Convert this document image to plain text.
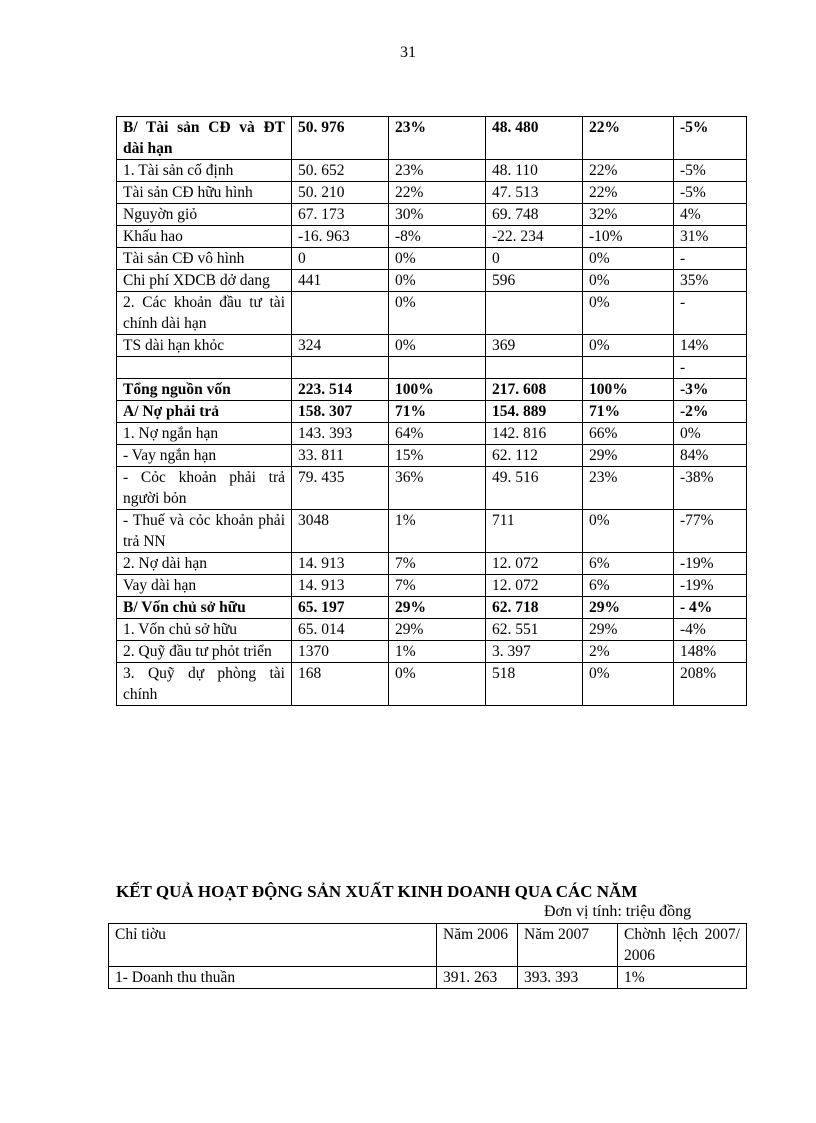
31
B/ Tài sản CĐ và ĐT dài hạn	50. 976	23%	48. 480	22%	-5%
1. Tài sản cố định	50. 652	23%	48. 110	22%	-5%
Tài sản CĐ hữu hình	50. 210	22%	47. 513	22%	-5%
Nguyờn giỏ	67. 173	30%	69. 748	32%	4%
Khấu hao	-16. 963	-8%	-22. 234	-10%	31%
Tài sản CĐ vô hình	0	0%	0	0%	-
Chi phí XDCB dở dang	441	0%	596	0%	35%
2. Các khoản đầu tư tài chính dài hạn		0%		0%	-
TS dài hạn khỏc	324	0%	369	0%	14%
					-
Tổng nguồn vốn	223. 514	100%	217. 608	100%	-3%
A/ Nợ phải trả	158. 307	71%	154. 889	71%	-2%
1. Nợ ngắn hạn	143. 393	64%	142. 816	66%	0%
- Vay ngắn hạn	33. 811	15%	62. 112	29%	84%
- Cỏc khoản phải trả người bỏn	79. 435	36%	49. 516	23%	-38%
- Thuế và cỏc khoản phải trả NN	3048	1%	711	0%	-77%
2. Nợ dài hạn	14. 913	7%	12. 072	6%	-19%
Vay dài hạn	14. 913	7%	12. 072	6%	-19%
B/ Vốn chủ sở hữu	65. 197	29%	62. 718	29%	- 4%
1. Vốn chủ sở hữu	65. 014	29%	62. 551	29%	-4%
2. Quỹ đầu tư phỏt triển	1370	1%	3. 397	2%	148%
3. Quỹ dự phòng tài chính	168	0%	518	0%	208%
KẾT QUẢ HOẠT ĐỘNG SẢN XUẤT KINH DOANH QUA CÁC NĂM
Đơn vị tính: triệu đồng
Chỉ tiờu	Năm 2006	Năm 2007	Chờnh lệch 2007/ 2006
1- Doanh thu thuần	391. 263	393. 393	1%
